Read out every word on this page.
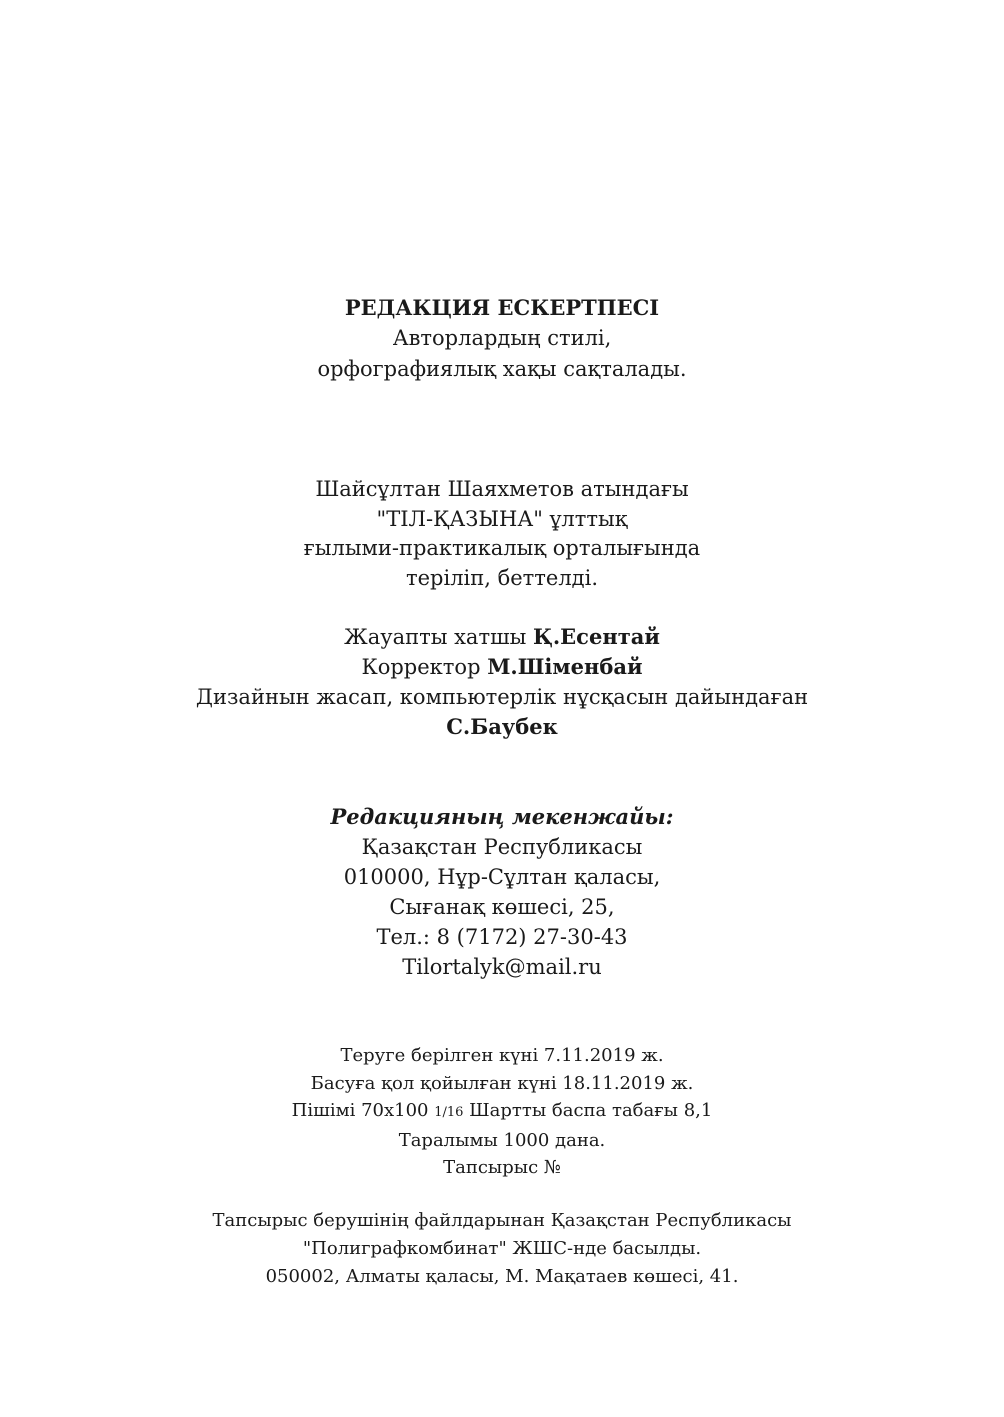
РЕДАКЦИЯ ЕСКЕРТПЕСІ
Авторлардың стилі,
орфографиялық хақы сақталады.
Шайсұлтан Шаяхметов атындағы
"ТІЛ-ҚАЗЫНА" ұлттық
ғылыми-практикалық орталығында
теріліп, беттелді.
Жауапты хатшы Қ.Есентай
Корректор М.Шіменбай
Дизайнын жасап, компьютерлік нұсқасын дайындаған
С.Баубек
Редакцияның мекенжайы:
Қазақстан Республикасы
010000, Нұр-Сұлтан қаласы,
Сығанақ көшесі, 25,
Тел.: 8 (7172) 27-30-43
Tilortalyk@mail.ru
Теруге берілген күні 7.11.2019 ж.
Басуға қол қойылған күні 18.11.2019 ж.
Пішімі 70х100 1/16 Шартты баспа табағы 8,1
Таралымы 1000 дана.
Тапсырыс №
Тапсырыс берушінің файлдарынан Қазақстан Республикасы
"Полиграфкомбинат" ЖШС-нде басылды.
050002, Алматы қаласы, М. Мақатаев көшесі, 41.
